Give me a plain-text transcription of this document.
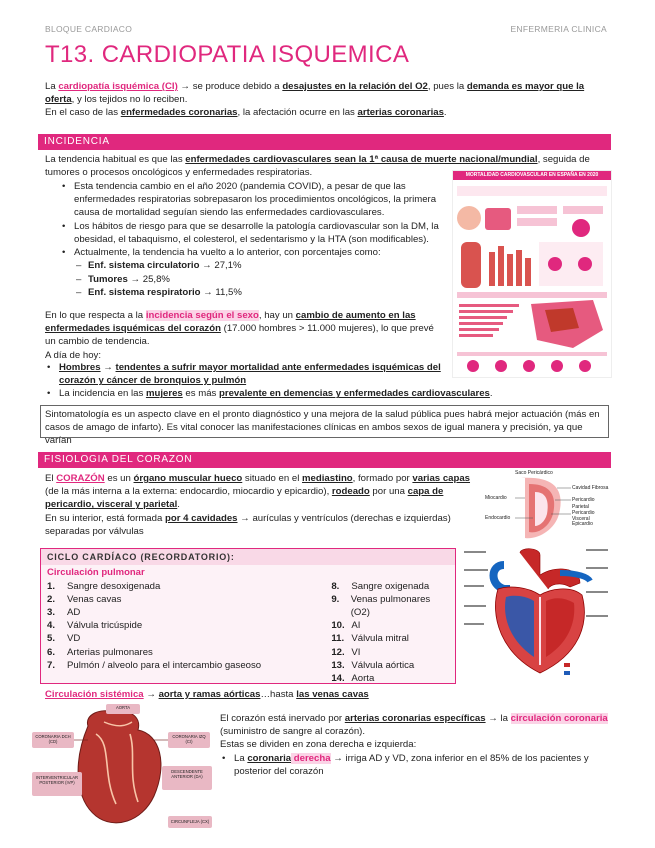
BLOQUE CARDIACO	ENFERMERIA CLINICA
T13. CARDIOPATIA ISQUEMICA

La cardiopatía isquémica (CI) → se produce debido a desajustes en la relación del O2, pues la demanda es mayor que la oferta, y los tejidos no lo reciben.

En el caso de las enfermedades coronarias, la afectación ocurre en las arterias coronarias.

INCIDENCIA

La tendencia habitual es que las enfermedades cardiovasculares sean la 1ª causa de muerte nacional/mundial, seguida de tumores o procesos oncológicos y enfermedades respiratorias.

• Esta tendencia cambio en el año 2020 (pandemia COVID), a pesar de que las enfermedades respiratorias sobrepasaron los procedimientos oncológicos, la primera causa de mortalidad seguían siendo las enfermedades cardiovasculares.
• Los hábitos de riesgo para que se desarrolle la patología cardiovascular son la DM, la obesidad, el tabaquismo, el colesterol, el sedentarismo y la HTA (son modificables).
• Actualmente, la tendencia ha vuelto a lo anterior, con porcentajes como:
– Enf. sistema circulatorio → 27,1%
– Tumores → 25,8%
– Enf. sistema respiratorio → 11,5%
MORTALIDAD CARDIOVASCULAR EN ESPAÑA EN 2020

En lo que respecta a la incidencia según el sexo, hay un cambio de aumento en las enfermedades isquémicas del corazón (17.000 hombres > 11.000 mujeres), lo que prevé un cambio de tendencia.

A día de hoy:

• Hombres → tendentes a sufrir mayor mortalidad ante enfermedades isquémicas del corazón y cáncer de bronquios y pulmón
• La incidencia en las mujeres es más prevalente en demencias y enfermedades cardiovasculares.
Sintomatología es un aspecto clave en el pronto diagnóstico y una mejora de la salud pública pues habrá mejor actuación (más en casos de amago de infarto). Es vital conocer las manifestaciones clínicas en ambos sexos de igual manera y precisión, ya que varían
FISIOLOGIA DEL CORAZON

El CORAZÓN es un órgano muscular hueco situado en el mediastino, formado por varias capas (de la más interna a la externa: endocardio, miocardio y epicardio), rodeado por una capa de pericardio, visceral y parietal.

En su interior, está formada por 4 cavidades → aurículas y ventrículos (derechas e izquierdas) separadas por válvulas

Saco Pericárdico
Miocardio
Endocardio
Cavidad Fibrosa
Pericardio Parietal
Pericardio Visceral Epicardio
CICLO CARDÍACO (RECORDATORIO):
Circulación pulmonar
1.	Sangre desoxigenada
2.	Venas cavas
3.	AD
4.	Válvula tricúspide
5.	VD
6.	Arterias pulmonares
7.	Pulmón / alveolo para el intercambio gaseoso
8.	Sangre oxigenada
9.	Venas pulmonares (O2)
10. AI
11. Válvula mitral
12. VI
13. Válvula aórtica
14. Aorta

Circulación sistémica → aorta y ramas aórticas…hasta las venas cavas

AORTA
CORONARIA DCH (CD)
CORONARIA IZQ (CI)
INTERVENTRICULAR POSTERIOR (IVP)
DESCENDENTE ANTERIOR (DA)
CIRCUNFLEJA (CX)

El corazón está inervado por arterias coronarias específicas → la circulación coronaria (suministro de sangre al corazón).

Estas se dividen en zona derecha e izquierda:

• La coronaria derecha → irriga AD y VD, zona inferior en el 85% de los pacientes y posterior del corazón
